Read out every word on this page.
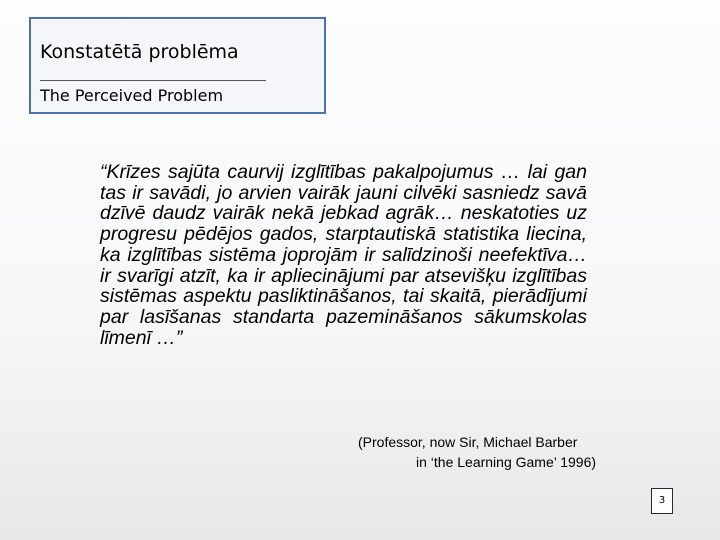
Konstatētā problēma
The Perceived Problem

“Krīzes sajūta caurvij izglītības pakalpojumus … lai gan tas ir savādi, jo arvien vairāk jauni cilvēki sasniedz savā dzīvē daudz vairāk nekā jebkad agrāk… neskatoties uz progresu pēdējos gados, starptautiskā statistika liecina, ka izglītības sistēma joprojām ir salīdzinoši neefektīva… ir svarīgi atzīt, ka ir apliecinājumi par atsevišķu izglītības sistēmas aspektu pasliktināšanos, tai skaitā, pierādījumi par lasīšanas standarta pazemināšanos sākumskolas līmenī …”

(Professor, now Sir, Michael Barber
in ‘the Learning Game’ 1996)
3
